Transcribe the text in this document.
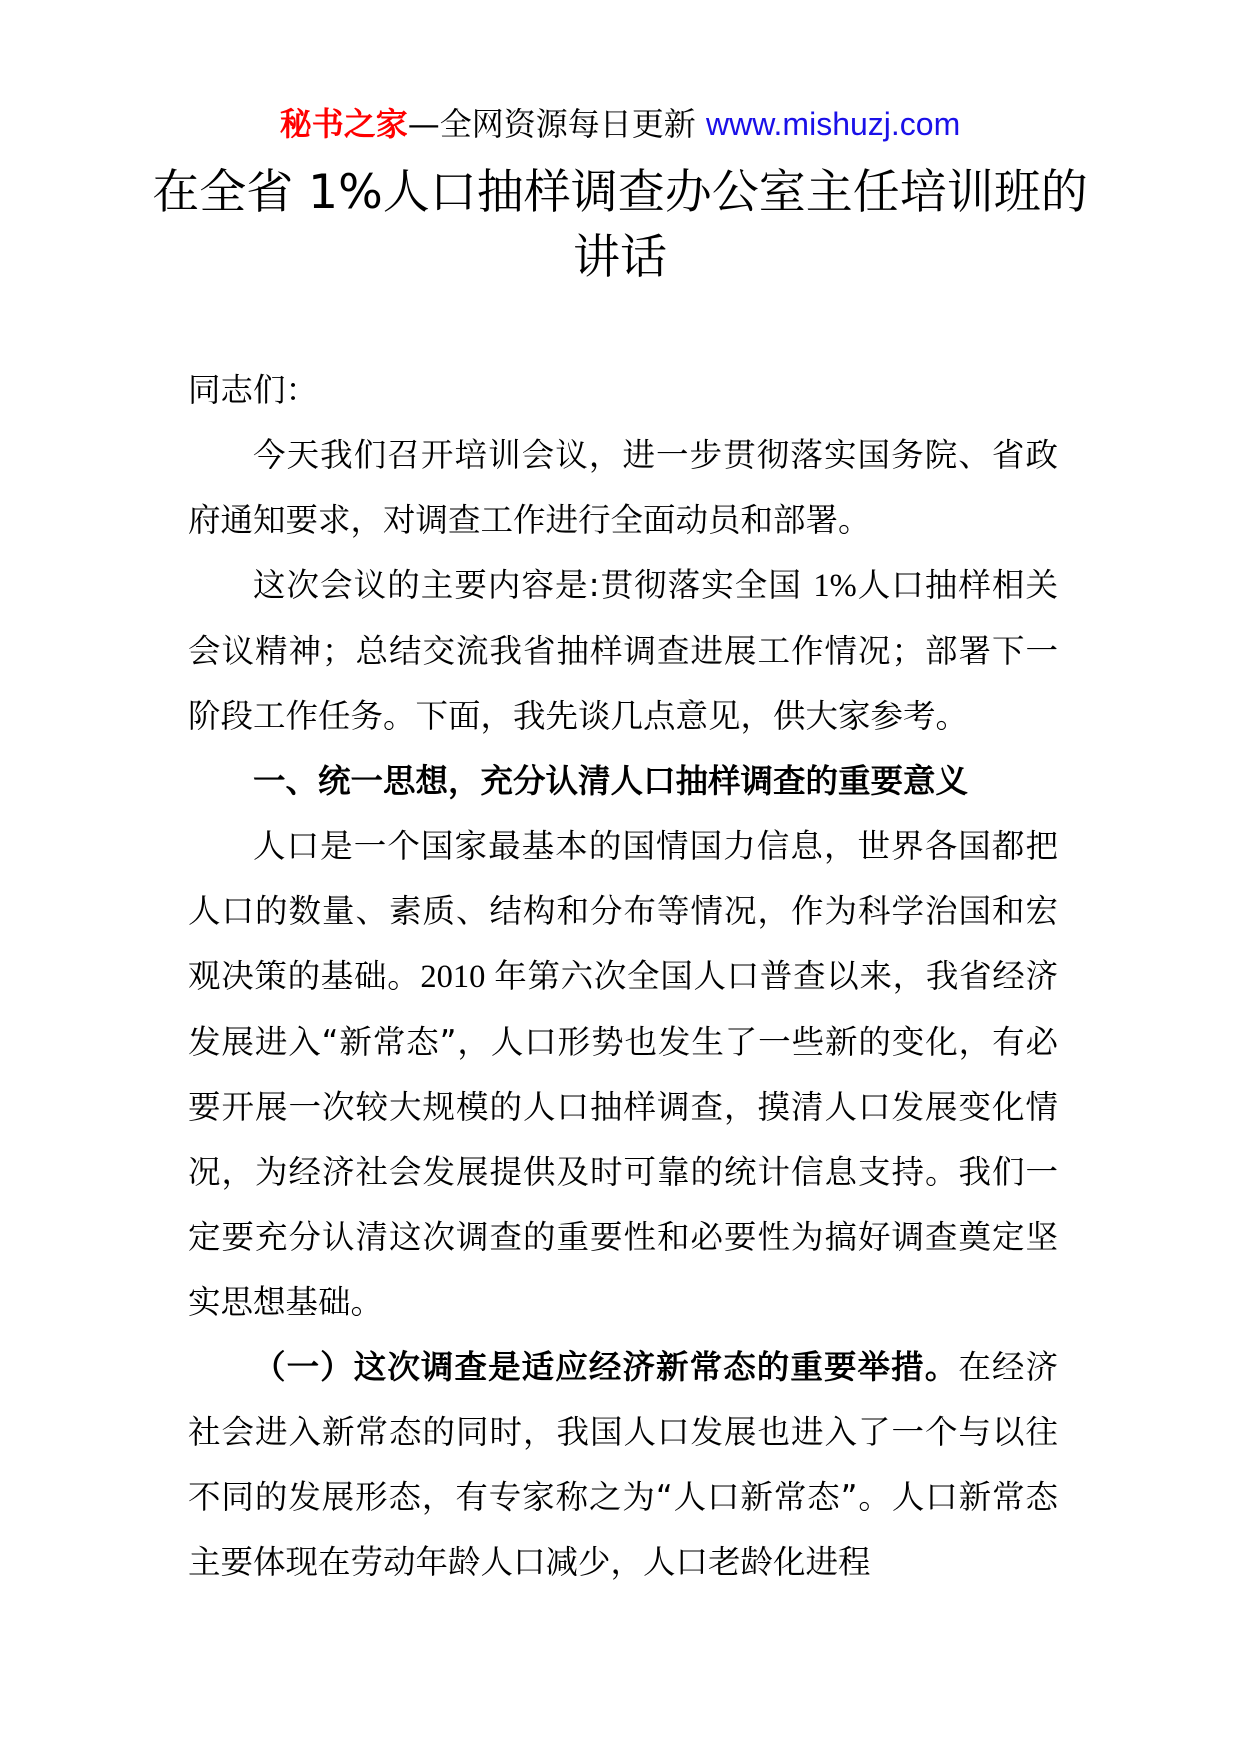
秘书之家—全网资源每日更新 www.mishuzj.com
在全省 1%人口抽样调查办公室主任培训班的讲话

同志们：

今天我们召开培训会议，进一步贯彻落实国务院、省政府通知要求，对调查工作进行全面动员和部署。

这次会议的主要内容是:贯彻落实全国 1%人口抽样相关会议精神；总结交流我省抽样调查进展工作情况；部署下一阶段工作任务。下面，我先谈几点意见，供大家参考。

一、统一思想，充分认清人口抽样调查的重要意义

人口是一个国家最基本的国情国力信息，世界各国都把人口的数量、素质、结构和分布等情况，作为科学治国和宏观决策的基础。2010 年第六次全国人口普查以来，我省经济发展进入“新常态”，人口形势也发生了一些新的变化，有必要开展一次较大规模的人口抽样调查，摸清人口发展变化情况，为经济社会发展提供及时可靠的统计信息支持。我们一定要充分认清这次调查的重要性和必要性为搞好调查奠定坚实思想基础。

（一）这次调查是适应经济新常态的重要举措。在经济社会进入新常态的同时，我国人口发展也进入了一个与以往不同的发展形态，有专家称之为“人口新常态”。人口新常态主要体现在劳动年龄人口减少，人口老龄化进程
